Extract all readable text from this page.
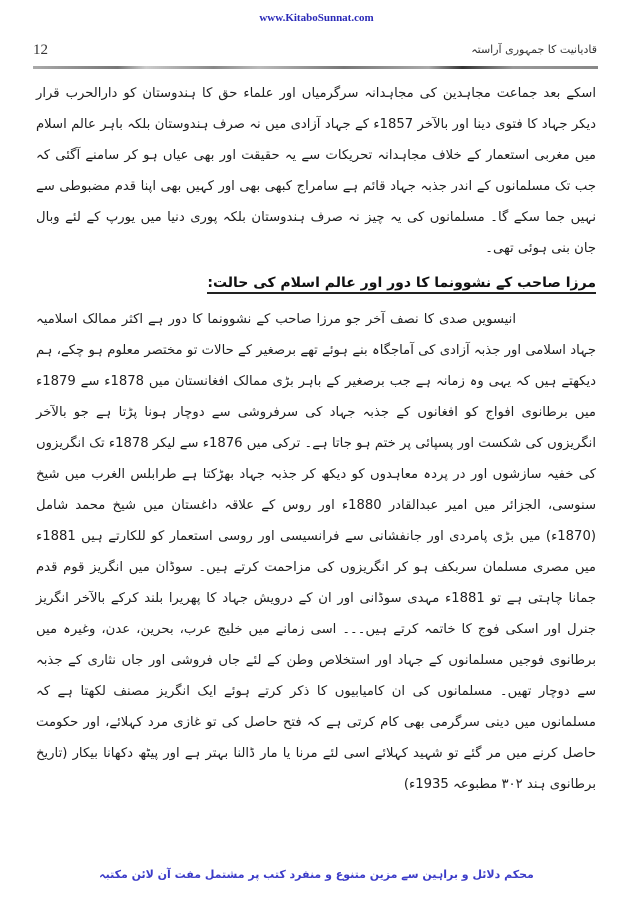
www.KitaboSunnat.com
12	قادیانیت کا جمہوری آراستہ

اسکے بعد جماعت مجاہدین کی مجاہدانہ سرگرمیاں اور علماء حق کا ہندوستان کو دارالحرب قرار دیکر جہاد کا فتوی دینا اور بالآخر 1857ء کے جہاد آزادی میں نہ صرف ہندوستان بلکہ باہر عالم اسلام میں مغربی استعمار کے خلاف مجاہدانہ تحریکات سے یہ حقیقت اور بھی عیاں ہو کر سامنے آگئی کہ جب تک مسلمانوں کے اندر جذبہ جہاد قائم ہے سامراج کبھی بھی اور کہیں بھی اپنا قدم مضبوطی سے نہیں جما سکے گا۔ مسلمانوں کی یہ چیز نہ صرف ہندوستان بلکہ پوری دنیا میں یورپ کے لئے وبال جان بنی ہوئی تھی۔

مرزا صاحب کے نشوونما کا دور اور عالم اسلام کی حالت:

انیسویں صدی کا نصف آخر جو مرزا صاحب کے نشوونما کا دور ہے اکثر ممالک اسلامیہ جہاد اسلامی اور جذبہ آزادی کی آماجگاہ بنے ہوئے تھے برصغیر کے حالات تو مختصر معلوم ہو چکے، ہم دیکھتے ہیں کہ یہی وہ زمانہ ہے جب برصغیر کے باہر بڑی ممالک افغانستان میں 1878ء سے 1879ء میں برطانوی افواج کو افغانوں کے جذبہ جہاد کی سرفروشی سے دوچار ہونا پڑتا ہے جو بالآخر انگریزوں کی شکست اور پسپائی پر ختم ہو جاتا ہے۔ ترکی میں 1876ء سے لیکر 1878ء تک انگریزوں کی خفیہ سازشوں اور در پردہ معاہدوں کو دیکھ کر جذبہ جہاد بھڑکتا ہے طرابلس الغرب میں شیخ سنوسی، الجزائر میں امیر عبدالقادر 1880ء اور روس کے علاقہ داغستان میں شیخ محمد شامل (1870ء) میں بڑی پامردی اور جانفشانی سے فرانسیسی اور روسی استعمار کو للکارتے ہیں 1881ء میں مصری مسلمان سربکف ہو کر انگریزوں کی مزاحمت کرتے ہیں۔ سوڈان میں انگریز قوم قدم جمانا چاہتی ہے تو 1881ء مہدی سوڈانی اور ان کے درویش جہاد کا پھریرا بلند کرکے بالآخر انگریز جنرل اور اسکی فوج کا خاتمہ کرتے ہیں۔۔۔ اسی زمانے میں خلیج عرب، بحرین، عدن، وغیرہ میں برطانوی فوجیں مسلمانوں کے جہاد اور استخلاص وطن کے لئے جاں فروشی اور جاں نثاری کے جذبہ سے دوچار تھیں۔ مسلمانوں کی ان کامیابیوں کا ذکر کرتے ہوئے ایک انگریز مصنف لکھتا ہے کہ مسلمانوں میں دینی سرگرمی بھی کام کرتی ہے کہ فتح حاصل کی تو غازی مرد کہلائے، اور حکومت حاصل کرنے میں مر گئے تو شہید کہلائے اسی لئے مرنا یا مار ڈالنا بہتر ہے اور پیٹھ دکھانا بیکار (تاریخ برطانوی ہند ۳۰۲ مطبوعہ 1935ء)

محکم دلائل و براہین سے مزین متنوع و منفرد کتب پر مشتمل مفت آن لائن مکتبہ
